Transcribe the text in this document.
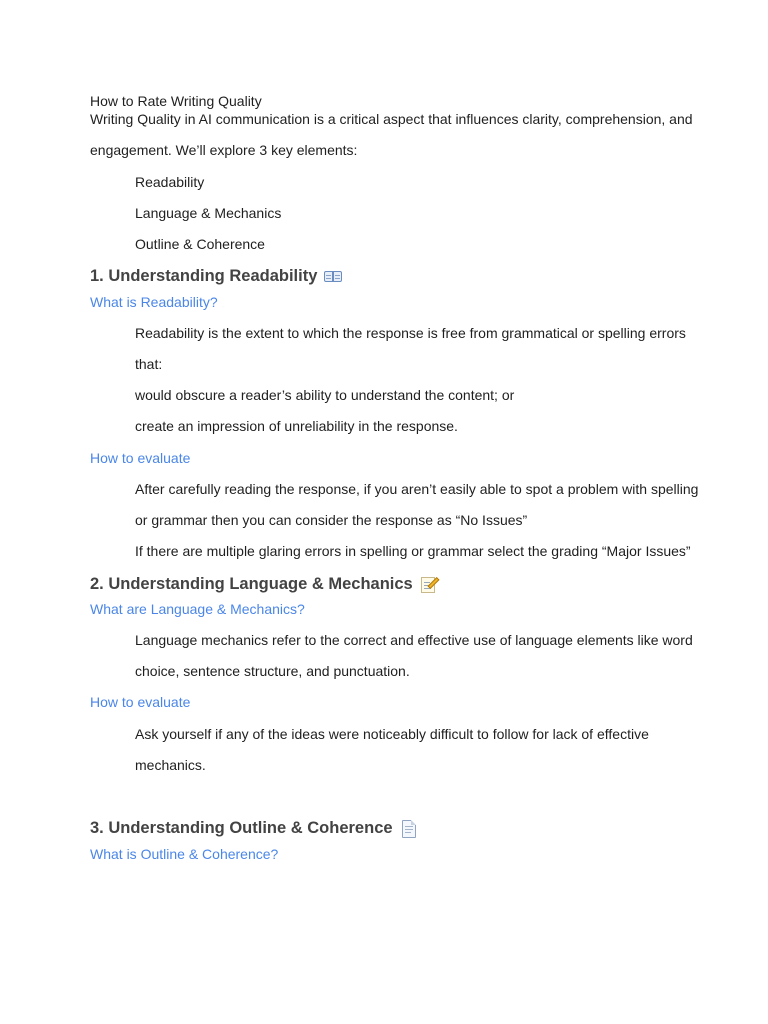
How to Rate Writing Quality
Writing Quality in AI communication is a critical aspect that influences clarity, comprehension, and
engagement. We’ll explore 3 key elements:
Readability
Language & Mechanics
Outline & Coherence
1. Understanding Readability
What is Readability?
Readability is the extent to which the response is free from grammatical or spelling errors
that:
would obscure a reader’s ability to understand the content; or
create an impression of unreliability in the response.
How to evaluate
After carefully reading the response, if you aren’t easily able to spot a problem with spelling
or grammar then you can consider the response as “No Issues”
If there are multiple glaring errors in spelling or grammar select the grading “Major Issues”
2. Understanding Language & Mechanics
What are Language & Mechanics?
Language mechanics refer to the correct and effective use of language elements like word
choice, sentence structure, and punctuation.
How to evaluate
Ask yourself if any of the ideas were noticeably difficult to follow for lack of effective
mechanics.
3. Understanding Outline & Coherence
What is Outline & Coherence?
